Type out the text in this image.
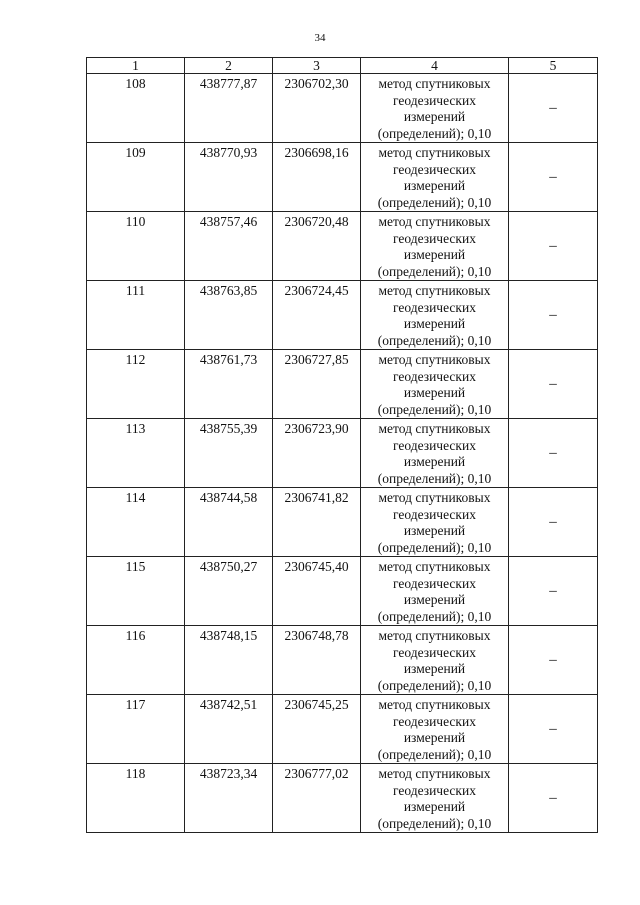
34
1	2	3	4	5
108	438777,87	2306702,30	метод спутниковых
геодезических
измерений
(определений); 0,10	–
109	438770,93	2306698,16	метод спутниковых
геодезических
измерений
(определений); 0,10	–
110	438757,46	2306720,48	метод спутниковых
геодезических
измерений
(определений); 0,10	–
111	438763,85	2306724,45	метод спутниковых
геодезических
измерений
(определений); 0,10	–
112	438761,73	2306727,85	метод спутниковых
геодезических
измерений
(определений); 0,10	–
113	438755,39	2306723,90	метод спутниковых
геодезических
измерений
(определений); 0,10	–
114	438744,58	2306741,82	метод спутниковых
геодезических
измерений
(определений); 0,10	–
115	438750,27	2306745,40	метод спутниковых
геодезических
измерений
(определений); 0,10	–
116	438748,15	2306748,78	метод спутниковых
геодезических
измерений
(определений); 0,10	–
117	438742,51	2306745,25	метод спутниковых
геодезических
измерений
(определений); 0,10	–
118	438723,34	2306777,02	метод спутниковых
геодезических
измерений
(определений); 0,10	–
